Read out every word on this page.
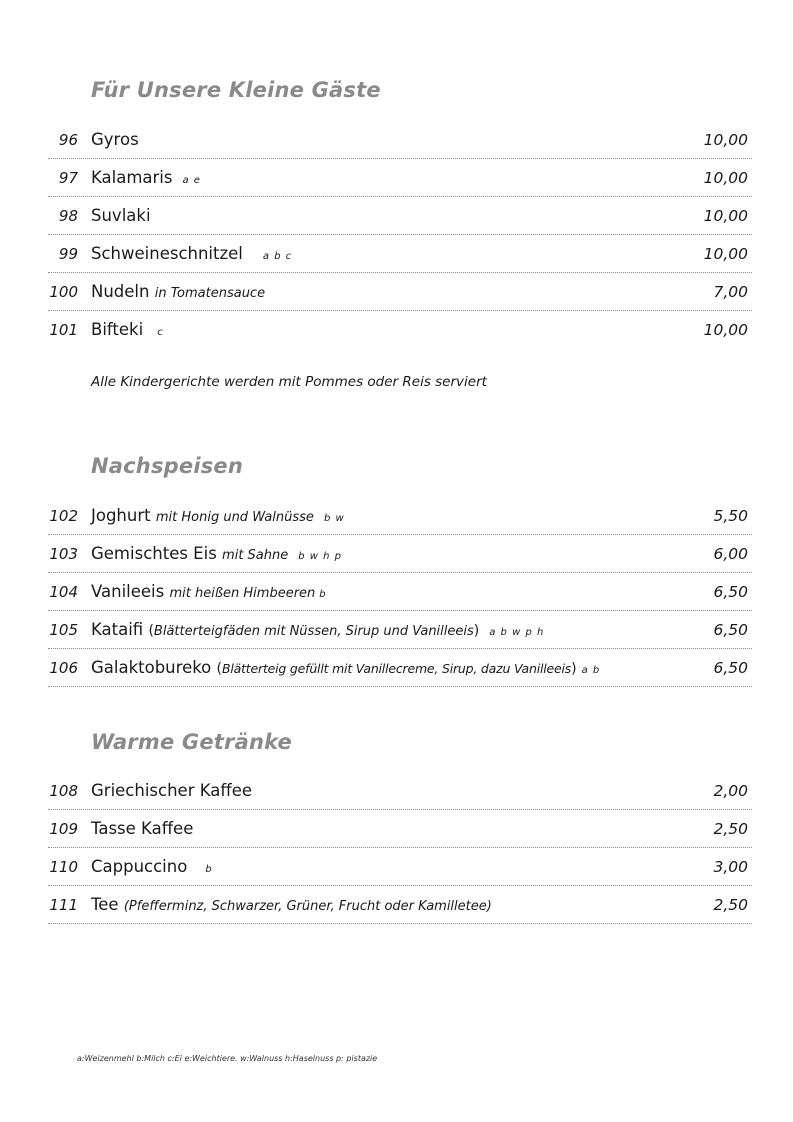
Für Unsere Kleine Gäste
96 Gyros	10,00
97 Kalamaris a e	10,00
98 Suvlaki	10,00
99 Schweineschnitzel a b c	10,00
100 Nudeln in Tomatensauce	7,00
101 Bifteki c	10,00

Alle Kindergerichte werden mit Pommes oder Reis serviert

Nachspeisen
102 Joghurt mit Honig und Walnüsse b w	5,50
103 Gemischtes Eis mit Sahne b w h p	6,00
104 Vanileeis mit heißen Himbeeren b	6,50
105 Kataifi (Blätterteigfäden mit Nüssen, Sirup und Vanilleeis) a b w p h	6,50
106 Galaktobureko (Blätterteig gefüllt mit Vanillecreme, Sirup, dazu Vanilleeis) a b	6,50
Warme Getränke
108 Griechischer Kaffee	2,00
109 Tasse Kaffee	2,50
110 Cappuccino b	3,00
111 Tee (Pfefferminz, Schwarzer, Grüner, Frucht oder Kamilletee)	2,50

a:Weizenmehl b:Milch c:Ei e:Weichtiere. w:Walnuss h:Haselnuss p: pistazie
